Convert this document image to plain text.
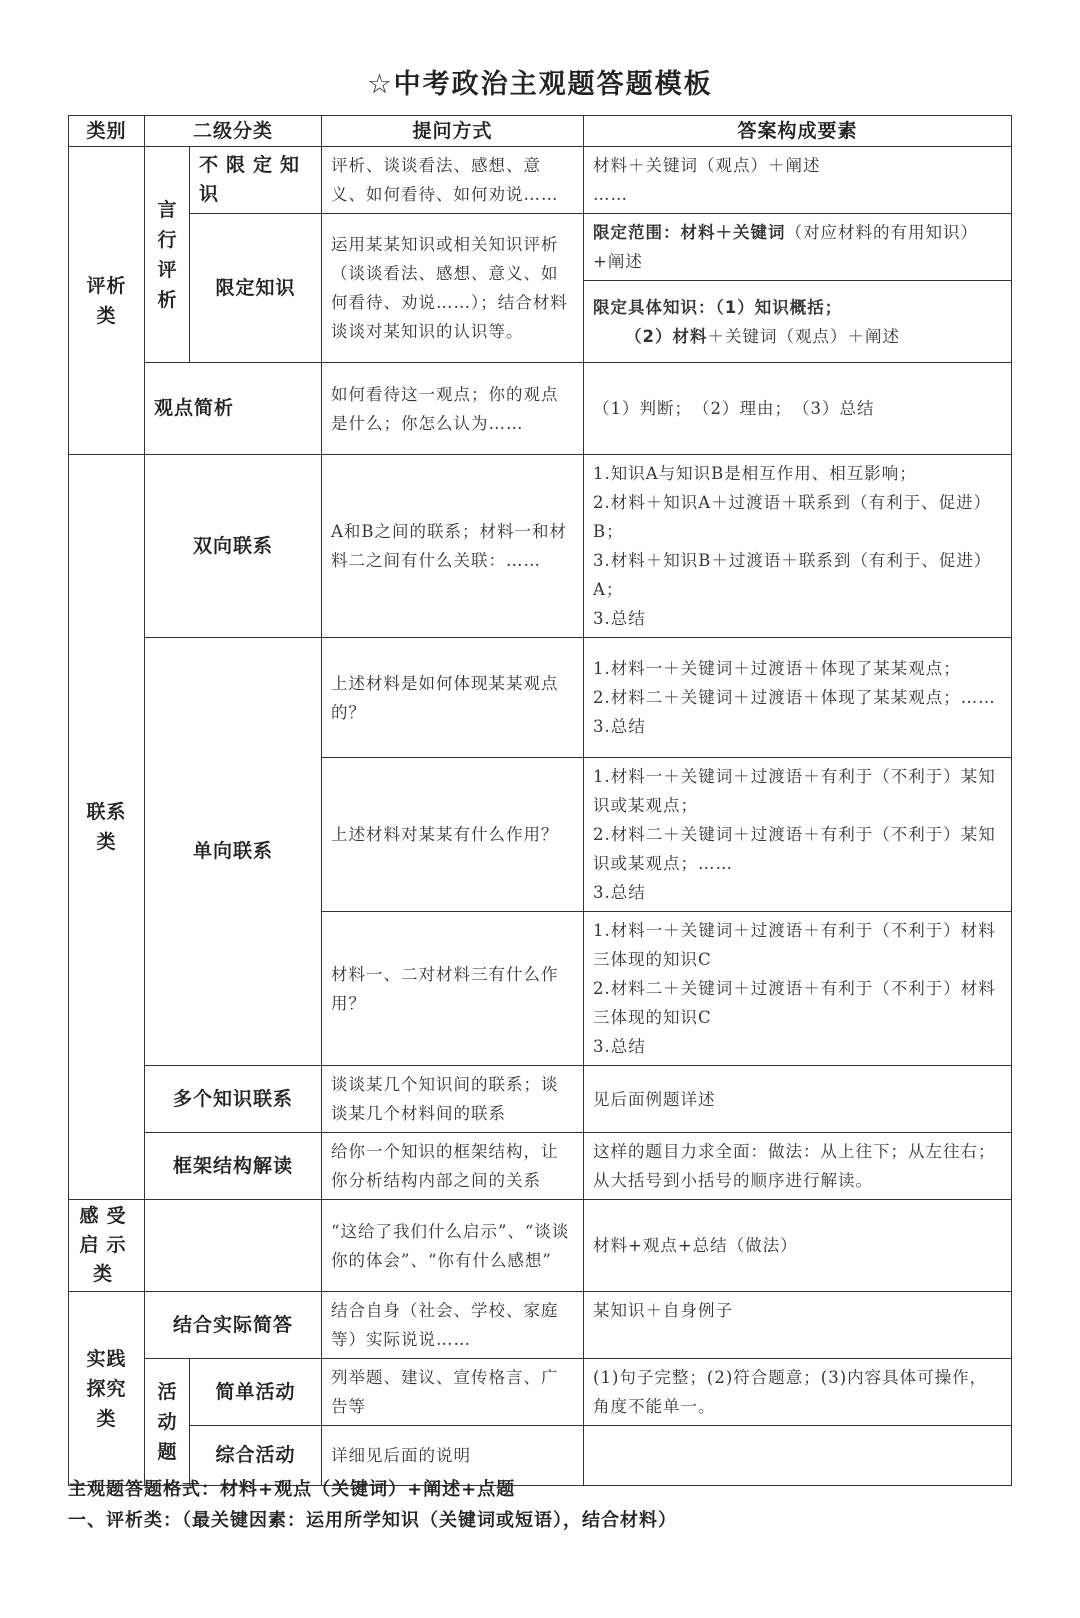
☆中考政治主观题答题模板
类别	二级分类		提问方式	答案构成要素

评析类	言行评析	不限定知识	评析、谈谈看法、感想、意义、如何看待、如何劝说……	材料＋关键词（观点）＋阐述
……

		限定知识	运用某某知识或相关知识评析（谈谈看法、感想、意义、如何看待、劝说……）；结合材料谈谈对某知识的认识等。	限定范围：材料＋关键词（对应材料的有用知识）+阐述

				限定具体知识：（1）知识概括；
（2）材料＋关键词（观点）＋阐述

	观点简析		如何看待这一观点；你的观点是什么；你怎么认为……	（1）判断；　（2）理由；　（3）总结

联系类	双向联系		A和B之间的联系；材料一和材料二之间有什么关联：……	1.知识A与知识B是相互作用、相互影响；
2.材料＋知识A＋过渡语＋联系到（有利于、促进）B；
3.材料＋知识B＋过渡语＋联系到（有利于、促进）A；
3.总结

	单向联系		上述材料是如何体现某某观点的？	1.材料一＋关键词＋过渡语＋体现了某某观点；
2.材料二＋关键词＋过渡语＋体现了某某观点；……
3.总结

			上述材料对某某有什么作用？	1.材料一＋关键词＋过渡语＋有利于（不利于）某知识或某观点；
2.材料二＋关键词＋过渡语＋有利于（不利于）某知识或某观点；……
3.总结

			材料一、二对材料三有什么作用？	1.材料一＋关键词＋过渡语＋有利于（不利于）材料三体现的知识C
2.材料二＋关键词＋过渡语＋有利于（不利于）材料三体现的知识C
3.总结

	多个知识联系		谈谈某几个知识间的联系；谈谈某几个材料间的联系	见后面例题详述
	框架结构解读		给你一个知识的框架结构，让你分析结构内部之间的关系	这样的题目力求全面：做法：从上往下；从左往右；从大括号到小括号的顺序进行解读。
感受启示类			“这给了我们什么启示”、“谈谈你的体会”、“你有什么感想”	材料+观点+总结（做法）

实践探究类	结合实际简答		结合自身（社会、学校、家庭等）实际说说……	某知识＋自身例子

	活动题	简单活动	列举题、建议、宣传格言、广告等	(1)句子完整；(2)符合题意；(3)内容具体可操作，角度不能单一。
		综合活动	详细见后面的说明	
主观题答题格式：材料+观点（关键词）+阐述+点题
一、评析类：（最关键因素：运用所学知识（关键词或短语），结合材料）
